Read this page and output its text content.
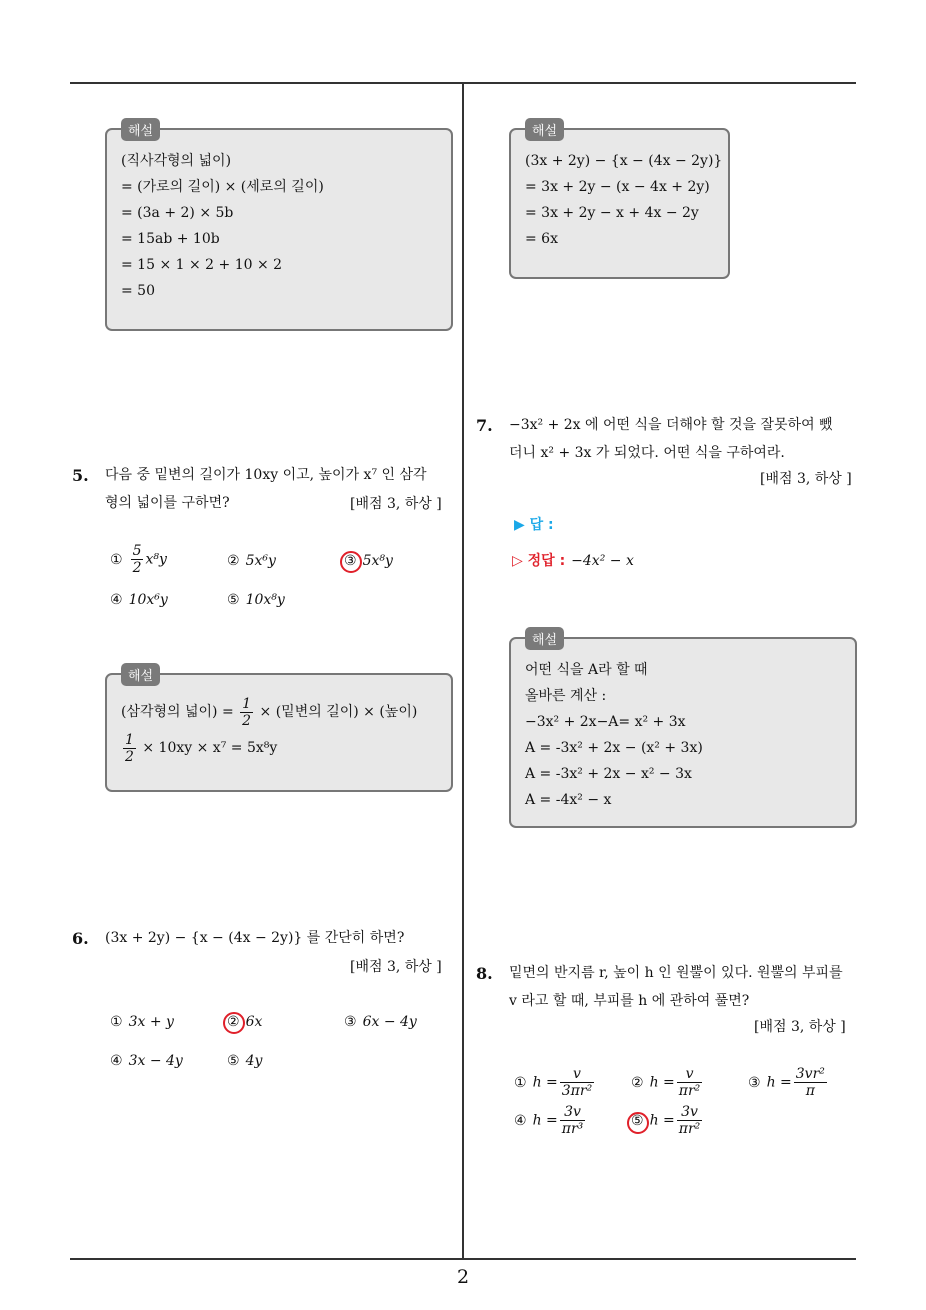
해설
(직사각형의 넓이)
= (가로의 길이) × (세로의 길이)
= (3a + 2) × 5b
= 15ab + 10b
= 15 × 1 × 2 + 10 × 2
= 50
5. 다음 중 밑변의 길이가 10xy 이고, 높이가 x⁷ 인 삼각
형의 넓이를 구하면?	[배점 3, 하상 ]
① $\frac{5}{2} x^8y$	② 5x⁶y	③ 5x⁸y
④ 10x⁶y	⑤ 10x⁸y
해설
(삼각형의 넓이) = $\frac{1}{2}$ × (밑변의 길이) × (높이)
$\frac{1}{2} \times 10xy \times x^7 = 5x^8y$
6. (3x + 2y) − {x − (4x − 2y)} 를 간단히 하면?
[배점 3, 하상 ]
① 3x + y	② 6x	③ 6x − 4y
④ 3x − 4y	⑤ 4y
해설
(3x + 2y) − {x − (4x − 2y)}
= 3x + 2y − (x − 4x + 2y)
= 3x + 2y − x + 4x − 2y
= 6x
7. −3x² + 2x 에 어떤 식을 더해야 할 것을 잘못하여 뺐
더니 x² + 3x 가 되었다. 어떤 식을 구하여라.
[배점 3, 하상 ]
▶ 답 :
▷ 정답 : −4x² − x
해설
어떤 식을 A라 할 때
올바른 계산 :
−3x² + 2x−A= x² + 3x
A = -3x² + 2x − (x² + 3x)
A = -3x² + 2x − x² − 3x
A = -4x² − x
8. 밑면의 반지름 r, 높이 h 인 원뿔이 있다. 원뿔의 부피를
v 라고 할 때, 부피를 h 에 관하여 풀면?
[배점 3, 하상 ]
① $h = \frac{v}{\text{3πr²}}$	② $h = \frac{v}{\text{πr²}}$	③ $h = \frac{\text{3vr²}}{\pi}$
④ $h = \frac{3v}{\text{πr³}}$	⑤ $h = \frac{3v}{\text{πr²}}$
2
